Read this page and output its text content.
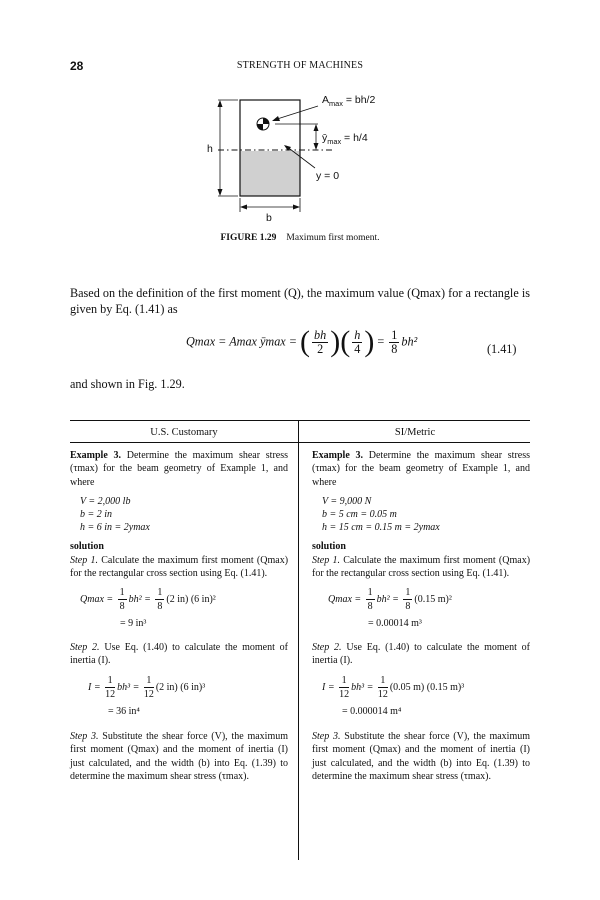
28	STRENGTH OF MACHINES
$A_{max} = bh/2$
$ȳ_{max} = h/4$
h
b
y = 0
FIGURE 1.29 Maximum first moment.
Based on the definition of the first moment (Q), the maximum value (Qmax) for a rectangle is given by Eq. (1.41) as
Qmax = Amax ȳmax = ( $\frac{bh}{2}$ )( $\frac{h}{4}$ ) = $\frac{1}{8} bh^2$
(1.41)
and shown in Fig. 1.29.
U.S. Customary	SI/Metric

Example 3. Determine the maximum shear stress (τmax) for the beam geometry of Example 1, and where

V = 2,000 lb
b = 2 in
h = 6 in = 2ymax
solution

Step 1. Calculate the maximum first moment (Qmax) for the rectangular cross section using Eq. (1.41).

$Qmax = \frac{1}{8} bh^2 = \frac{1}{8} (2$ in) (6 in)²
= 9 in³

Step 2. Use Eq. (1.40) to calculate the moment of inertia (I).

$I = \frac{1}{12} bh^3 = \frac{1}{12} (2$ in) (6 in)³
= 36 in⁴

Step 3. Substitute the shear force (V), the maximum first moment (Qmax) and the moment of inertia (I) just calculated, and the width (b) into Eq. (1.39) to determine the maximum shear stress (τmax).

Example 3. Determine the maximum shear stress (τmax) for the beam geometry of Example 1, and where

V = 9,000 N
b = 5 cm = 0.05 m
h = 15 cm = 0.15 m = 2ymax
solution

Step 1. Calculate the maximum first moment (Qmax) for the rectangular cross section using Eq. (1.41).

$Qmax = \frac{1}{8} bh^2 = \frac{1}{8} (0.15$ m)²
= 0.00014 m³

Step 2. Use Eq. (1.40) to calculate the moment of inertia (I).

$I = \frac{1}{12} bh^3 = \frac{1}{12} (0.05$ m) (0.15 m)³
= 0.000014 m⁴

Step 3. Substitute the shear force (V), the maximum first moment (Qmax) and the moment of inertia (I) just calculated, and the width (b) into Eq. (1.39) to determine the maximum shear stress (τmax).
